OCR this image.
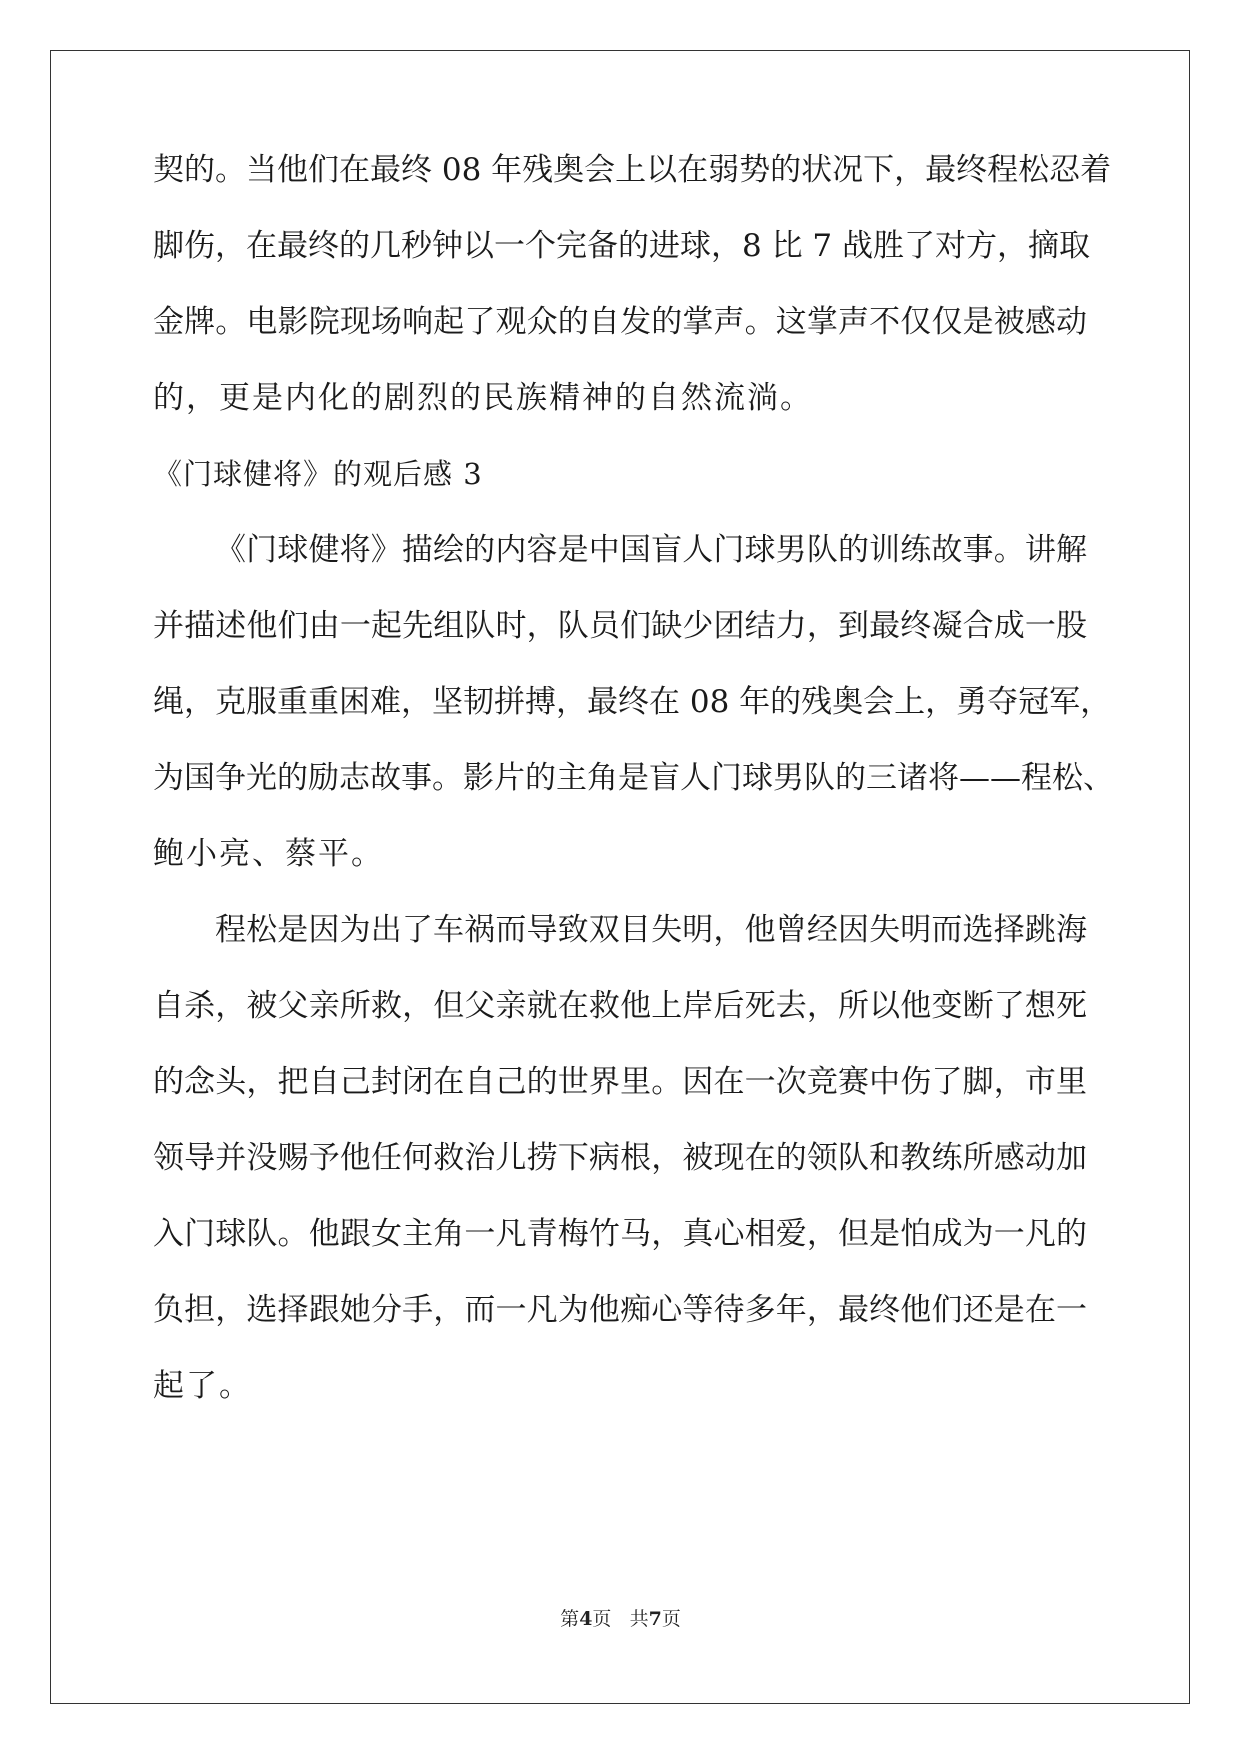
契的。当他们在最终 08 年残奥会上以在弱势的状况下，最终程松忍着
脚伤，在最终的几秒钟以一个完备的进球，8 比 7 战胜了对方，摘取
金牌。电影院现场响起了观众的自发的掌声。这掌声不仅仅是被感动
的，更是内化的剧烈的民族精神的自然流淌。
《门球健将》的观后感 3
《门球健将》描绘的内容是中国盲人门球男队的训练故事。讲解
并描述他们由一起先组队时，队员们缺少团结力，到最终凝合成一股
绳，克服重重困难，坚韧拼搏，最终在 08 年的残奥会上，勇夺冠军，
为国争光的励志故事。影片的主角是盲人门球男队的三诸将——程松、
鲍小亮、蔡平。
程松是因为出了车祸而导致双目失明，他曾经因失明而选择跳海
自杀，被父亲所救，但父亲就在救他上岸后死去，所以他变断了想死
的念头，把自己封闭在自己的世界里。因在一次竞赛中伤了脚，市里
领导并没赐予他任何救治儿捞下病根，被现在的领队和教练所感动加
入门球队。他跟女主角一凡青梅竹马，真心相爱，但是怕成为一凡的
负担，选择跟她分手，而一凡为他痴心等待多年，最终他们还是在一
起了。
第4页 共7页
